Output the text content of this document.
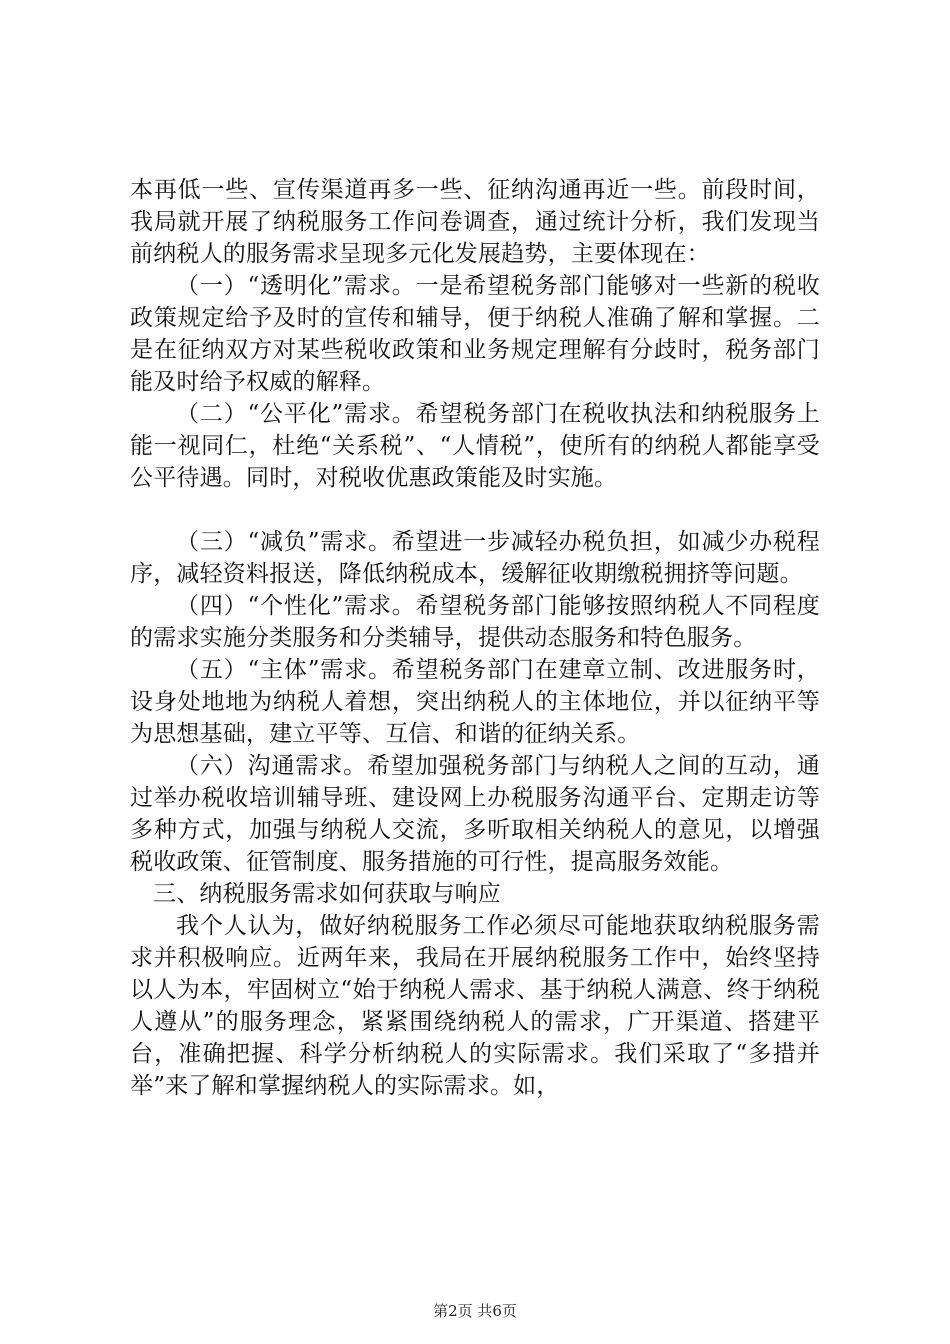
本再低一些、宣传渠道再多一些、征纳沟通再近一些。前段时间，我局就开展了纳税服务工作问卷调查，通过统计分析，我们发现当前纳税人的服务需求呈现多元化发展趋势，主要体现在：

（一）“透明化”需求。一是希望税务部门能够对一些新的税收政策规定给予及时的宣传和辅导，便于纳税人准确了解和掌握。二是在征纳双方对某些税收政策和业务规定理解有分歧时，税务部门能及时给予权威的解释。

（二）“公平化”需求。希望税务部门在税收执法和纳税服务上能一视同仁，杜绝“关系税”、“人情税”，使所有的纳税人都能享受公平待遇。同时，对税收优惠政策能及时实施。

（三）“减负”需求。希望进一步减轻办税负担，如减少办税程序，减轻资料报送，降低纳税成本，缓解征收期缴税拥挤等问题。

（四）“个性化”需求。希望税务部门能够按照纳税人不同程度的需求实施分类服务和分类辅导，提供动态服务和特色服务。

（五）“主体”需求。希望税务部门在建章立制、改进服务时，设身处地地为纳税人着想，突出纳税人的主体地位，并以征纳平等为思想基础，建立平等、互信、和谐的征纳关系。

（六）沟通需求。希望加强税务部门与纳税人之间的互动，通过举办税收培训辅导班、建设网上办税服务沟通平台、定期走访等多种方式，加强与纳税人交流，多听取相关纳税人的意见，以增强税收政策、征管制度、服务措施的可行性，提高服务效能。

三、纳税服务需求如何获取与响应

我个人认为，做好纳税服务工作必须尽可能地获取纳税服务需求并积极响应。近两年来，我局在开展纳税服务工作中，始终坚持以人为本，牢固树立“始于纳税人需求、基于纳税人满意、终于纳税人遵从”的服务理念，紧紧围绕纳税人的需求，广开渠道、搭建平台，准确把握、科学分析纳税人的实际需求。我们采取了“多措并举”来了解和掌握纳税人的实际需求。如，

第2页 共6页
